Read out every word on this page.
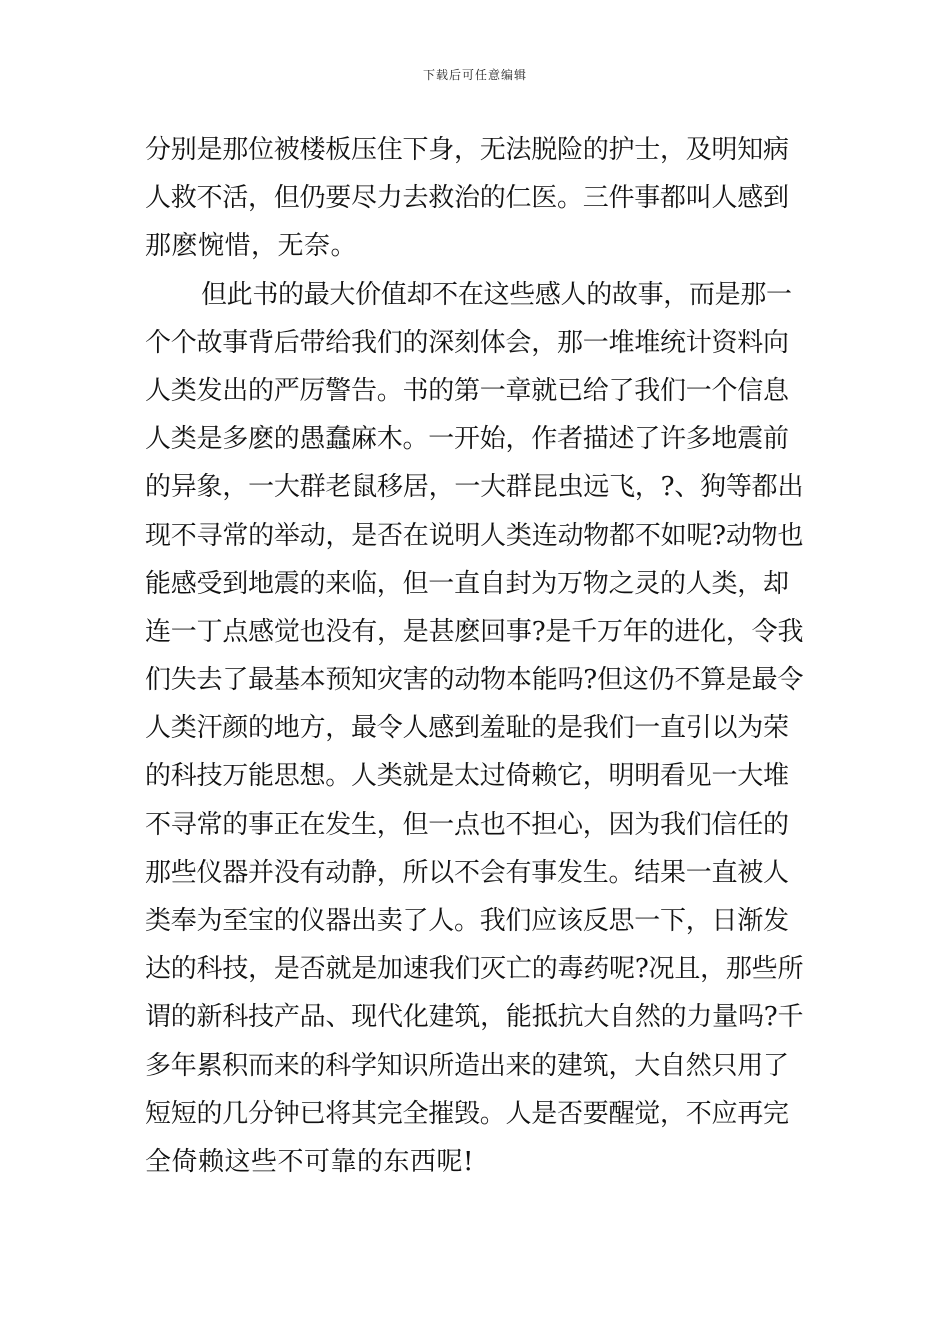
下载后可任意编辑
分别是那位被楼板压住下身，无法脱险的护士，及明知病
人救不活，但仍要尽力去救治的仁医。三件事都叫人感到
那麽惋惜，无奈。
但此书的最大价值却不在这些感人的故事，而是那一
个个故事背后带给我们的深刻体会，那一堆堆统计资料向
人类发出的严厉警告。书的第一章就已给了我们一个信息
人类是多麽的愚蠢麻木。一开始，作者描述了许多地震前
的异象，一大群老鼠移居，一大群昆虫远飞，?、狗等都出
现不寻常的举动，是否在说明人类连动物都不如呢?动物也
能感受到地震的来临，但一直自封为万物之灵的人类，却
连一丁点感觉也没有，是甚麽回事?是千万年的进化，令我
们失去了最基本预知灾害的动物本能吗?但这仍不算是最令
人类汗颜的地方，最令人感到羞耻的是我们一直引以为荣
的科技万能思想。人类就是太过倚赖它，明明看见一大堆
不寻常的事正在发生，但一点也不担心，因为我们信任的
那些仪器并没有动静，所以不会有事发生。结果一直被人
类奉为至宝的仪器出卖了人。我们应该反思一下，日渐发
达的科技，是否就是加速我们灭亡的毒药呢?况且，那些所
谓的新科技产品、现代化建筑，能抵抗大自然的力量吗?千
多年累积而来的科学知识所造出来的建筑，大自然只用了
短短的几分钟已将其完全摧毁。人是否要醒觉，不应再完
全倚赖这些不可靠的东西呢!
